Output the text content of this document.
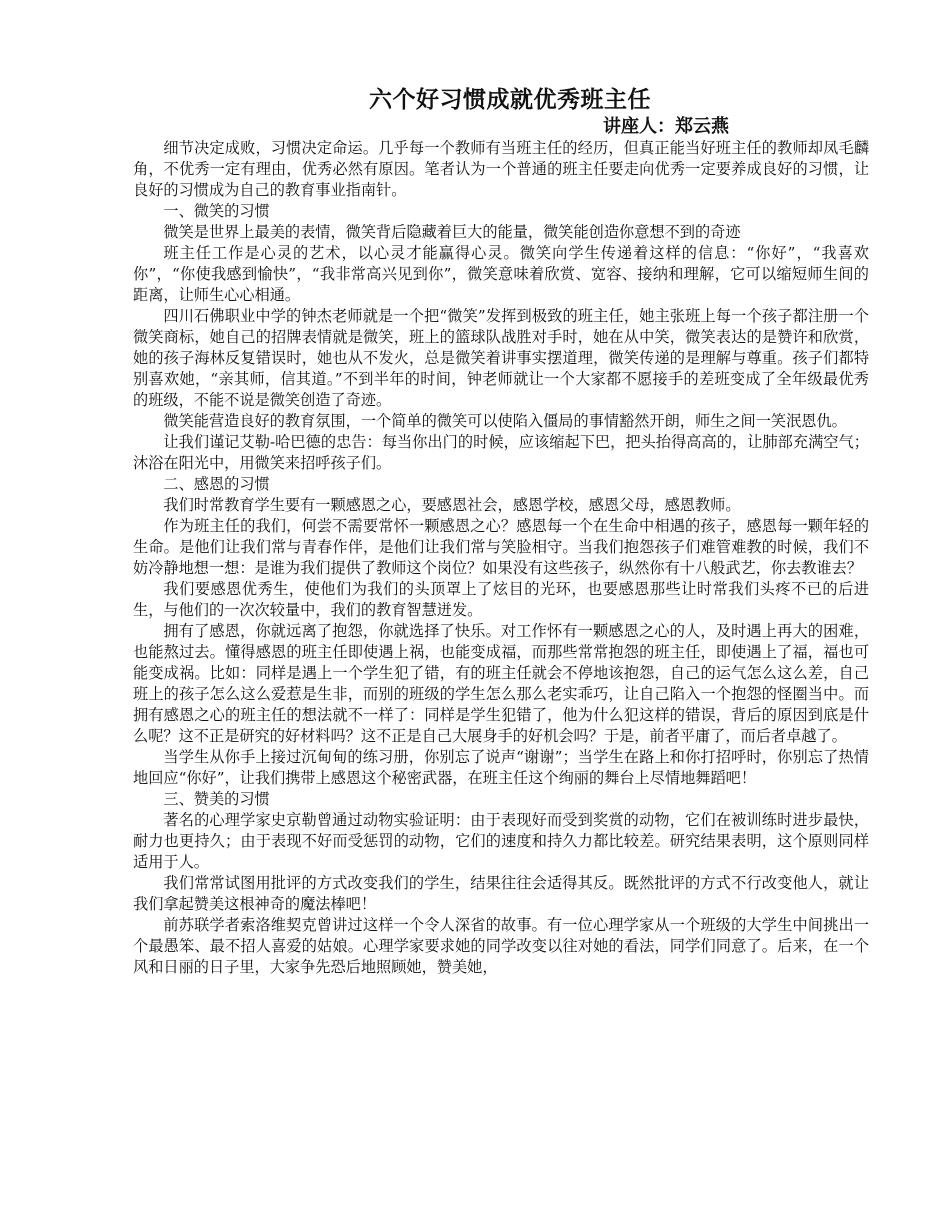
六个好习惯成就优秀班主任
讲座人：郑云燕

细节决定成败，习惯决定命运。几乎每一个教师有当班主任的经历，但真正能当好班主任的教师却凤毛麟角，不优秀一定有理由，优秀必然有原因。笔者认为一个普通的班主任要走向优秀一定要养成良好的习惯，让良好的习惯成为自己的教育事业指南针。

一、微笑的习惯

微笑是世界上最美的表情，微笑背后隐藏着巨大的能量，微笑能创造你意想不到的奇迹

班主任工作是心灵的艺术，以心灵才能赢得心灵。微笑向学生传递着这样的信息：“你好”，“我喜欢你”，“你使我感到愉快”，“我非常高兴见到你”，微笑意味着欣赏、宽容、接纳和理解，它可以缩短师生间的距离，让师生心心相通。

四川石佛职业中学的钟杰老师就是一个把“微笑”发挥到极致的班主任，她主张班上每一个孩子都注册一个微笑商标，她自己的招牌表情就是微笑，班上的篮球队战胜对手时，她在从中笑，微笑表达的是赞许和欣赏，她的孩子海林反复错误时，她也从不发火，总是微笑着讲事实摆道理，微笑传递的是理解与尊重。孩子们都特别喜欢她，“亲其师，信其道。”不到半年的时间，钟老师就让一个大家都不愿接手的差班变成了全年级最优秀的班级，不能不说是微笑创造了奇迹。

微笑能营造良好的教育氛围，一个简单的微笑可以使陷入僵局的事情豁然开朗，师生之间一笑泯恩仇。

让我们谨记艾勒-哈巴德的忠告：每当你出门的时候，应该缩起下巴，把头抬得高高的，让肺部充满空气；沐浴在阳光中，用微笑来招呼孩子们。

二、感恩的习惯

我们时常教育学生要有一颗感恩之心，要感恩社会，感恩学校，感恩父母，感恩教师。

作为班主任的我们，何尝不需要常怀一颗感恩之心？感恩每一个在生命中相遇的孩子，感恩每一颗年轻的生命。是他们让我们常与青春作伴，是他们让我们常与笑脸相守。当我们抱怨孩子们难管难教的时候，我们不妨冷静地想一想：是谁为我们提供了教师这个岗位？如果没有这些孩子，纵然你有十八般武艺，你去教谁去？

我们要感恩优秀生，使他们为我们的头顶罩上了炫目的光环，也要感恩那些让时常我们头疼不已的后进生，与他们的一次次较量中，我们的教育智慧迸发。

拥有了感恩，你就远离了抱怨，你就选择了快乐。对工作怀有一颗感恩之心的人，及时遇上再大的困难，也能熬过去。懂得感恩的班主任即使遇上祸，也能变成福，而那些常常抱怨的班主任，即使遇上了福，福也可能变成祸。比如：同样是遇上一个学生犯了错，有的班主任就会不停地该抱怨，自己的运气怎么这么差，自己班上的孩子怎么这么爱惹是生非，而别的班级的学生怎么那么老实乖巧，让自己陷入一个抱怨的怪圈当中。而拥有感恩之心的班主任的想法就不一样了：同样是学生犯错了，他为什么犯这样的错误，背后的原因到底是什么呢？这不正是研究的好材料吗？这不正是自己大展身手的好机会吗？于是，前者平庸了，而后者卓越了。

当学生从你手上接过沉甸甸的练习册，你别忘了说声“谢谢”；当学生在路上和你打招呼时，你别忘了热情地回应“你好”，让我们携带上感恩这个秘密武器，在班主任这个绚丽的舞台上尽情地舞蹈吧！

三、赞美的习惯

著名的心理学家史京勒曾通过动物实验证明：由于表现好而受到奖赏的动物，它们在被训练时进步最快，耐力也更持久；由于表现不好而受惩罚的动物，它们的速度和持久力都比较差。研究结果表明，这个原则同样适用于人。

我们常常试图用批评的方式改变我们的学生，结果往往会适得其反。既然批评的方式不行改变他人，就让我们拿起赞美这根神奇的魔法棒吧！

前苏联学者索洛维契克曾讲过这样一个令人深省的故事。有一位心理学家从一个班级的大学生中间挑出一个最愚笨、最不招人喜爱的姑娘。心理学家要求她的同学改变以往对她的看法，同学们同意了。后来，在一个风和日丽的日子里，大家争先恐后地照顾她，赞美她，
